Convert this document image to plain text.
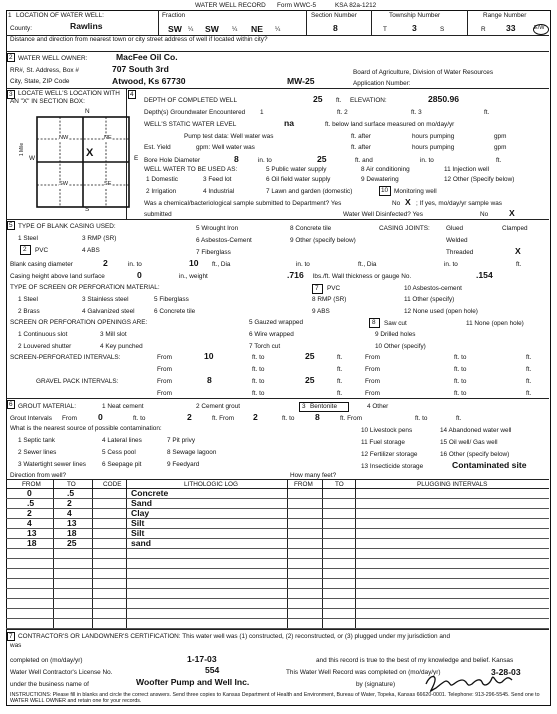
WATER WELL RECORD Form WWC-5	KSA 82a-1212
1 LOCATION OF WATER WELL:	Fraction	Section Number	Township Number	Range Number
County:	Rawlins	SW ¼ SW ¼ NE ¼	8	T	3	S	R 33	E/W
Distance and direction from nearest town or city street address of well if located within city?
2 WATER WELL OWNER:	MacFee Oil Co.
RR#, St. Address, Box #	707 South 3rd
City, State, ZIP Code	Atwood, Ks 67730	MW-25
Board of Agriculture, Division of Water Resources
Application Number:
3 LOCATE WELL'S LOCATION WITH
AN "X" IN SECTION BOX:
N
S
W	E
1 Mile
NW	NE
SW	SE
X
4
DEPTH OF COMPLETED WELL	25 ft. ELEVATION:	2850.96
Depth(s) Groundwater Encountered 1	ft. 2	ft. 3	ft.
WELL'S STATIC WATER LEVEL	na	ft. below land surface measured on mo/day/yr
Pump test data: Well water was	ft. after	hours pumping	gpm
Est. Yield	gpm: Well water was	ft. after	hours pumping	gpm
Bore Hole Diameter	8	in. to	25	ft. and	in. to	ft.
WELL WATER TO BE USED AS:	5 Public water supply	8 Air conditioning	11 Injection well
1 Domestic	3 Feed lot	6 Oil field water supply	9 Dewatering	12 Other (Specify below)
2 Irrigation	4 Industrial	7 Lawn and garden (domestic)	10 Monitoring well
Was a chemical/bacteriological sample submitted to Department? Yes	No X ; If yes, mo/day/yr sample was
submitted	Water Well Disinfected? Yes	No X
5 TYPE OF BLANK CASING USED:
1 Steel	3 RMP (SR)
5 Wrought Iron	8 Concrete tile	CASING JOINTS:	Glued	Clamped
2 PVC	4 ABS
6 Asbestos-Cement	9 Other (specify below)
7 Fiberglass
Welded
Threaded	X
Blank casing diameter	2	in. to	10 ft., Dia	in. to	ft., Dia	in. to	ft.
Casing height above land surface	0	in., weight	.716 lbs./ft. Wall thickness or gauge No.	.154
TYPE OF SCREEN OR PERFORATION MATERIAL:
1 Steel	3 Stainless steel	5 Fiberglass
7 PVC	10 Asbestos-cement
2 Brass	4 Galvanized steel	6 Concrete tile
8 RMP (SR)
9 ABS
11 Other (specify)
12 None used (open hole)
SCREEN OR PERFORATION OPENINGS ARE:
1 Continuous slot	3 Mill slot
5 Gauzed wrapped	8 Saw cut	11 None (open hole)
2 Louvered shutter	4 Key punched
6 Wire wrapped
7 Torch cut
9 Drilled holes
10 Other (specify)
SCREEN-PERFORATED INTERVALS:	From	10	ft. to	25	ft.	From	ft. to	ft.
From	ft. to	ft.	From	ft. to	ft.
GRAVEL PACK INTERVALS:	From	8	ft. to	25	ft.	From	ft. to	ft.
From	ft. to	ft.	From	ft. to	ft.
6 GROUT MATERIAL:	1 Neat cement	2 Cement grout	3 Bentonite	4 Other
Grout Intervals From 0	ft. to	2	ft. From 2	ft. to 8	ft. From	ft. to	ft.
What is the nearest source of possible contamination:
1 Septic tank	4 Lateral lines	7 Pit privy
10 Livestock pens	14 Abandoned water well
2 Sewer lines	5 Cess pool	8 Sewage lagoon
11 Fuel storage	15 Oil well/ Gas well
3 Watertight sewer lines	6 Seepage pit	9 Feedyard
12 Fertilizer storage	16 Other (specify below)
13 Insecticide storage	Contaminated site
Direction from well?	How many feet?
FROM	TO	CODE	LITHOLOGIC LOG	FROM	TO	PLUGGING INTERVALS
0	.5	Concrete
.5	2	Sand
2	4	Clay
4	13	Silt
13	18	Silt
18	25	sand
7 CONTRACTOR'S OR LANDOWNER'S CERTIFICATION: This water well was (1) constructed, (2) reconstructed, or (3) plugged under my jurisdiction and
was
completed on (mo/day/yr)	1-17-03	and this record is true to the best of my knowledge and belief. Kansas
Water Well Contractor's License No.	554	This Water Well Record was completed on (mo/day/yr)	3-28-03
under the business name of	Woofter Pump and Well Inc.	by (signature)
INSTRUCTIONS: Please fill in blanks and circle the correct answers. Send three copies to Kansas Department of Health and Environment, Bureau of Water, Topeka, Kansas 66620-0001. Telephone: 913-296-5545. Send one to WATER WELL OWNER and retain one for your records.
